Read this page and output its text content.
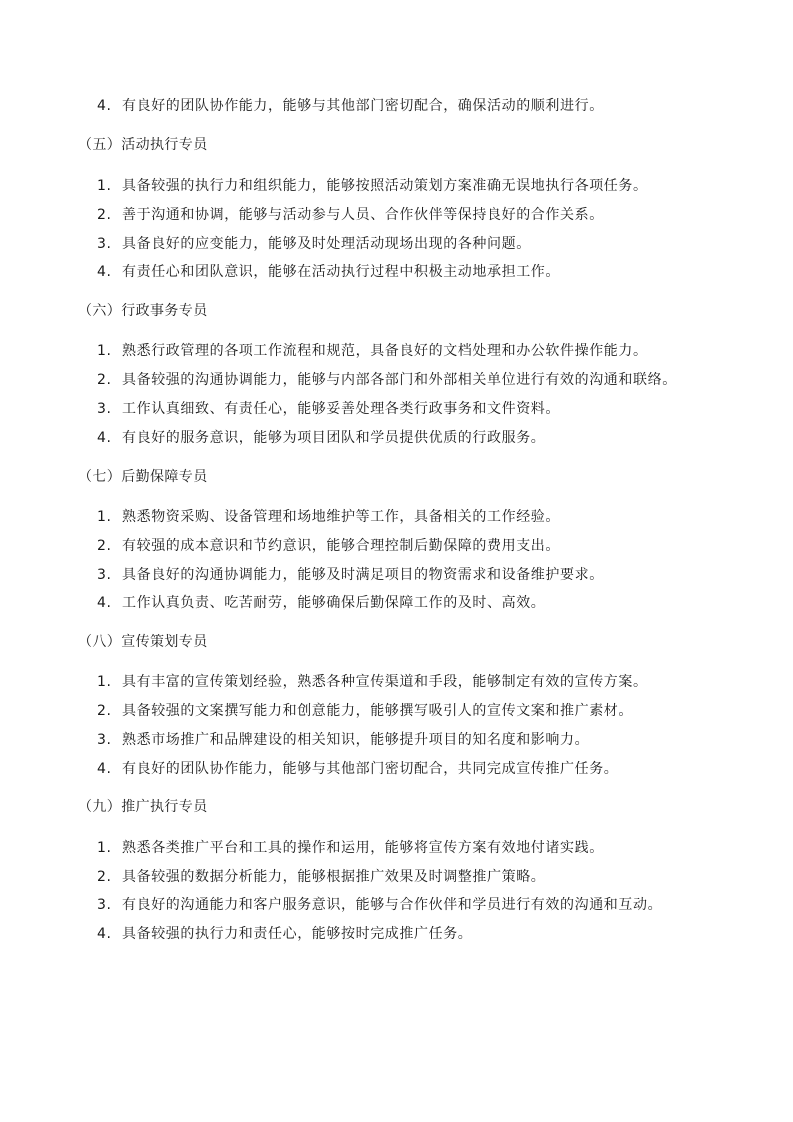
4. 有良好的团队协作能力，能够与其他部门密切配合，确保活动的顺利进行。
（五）活动执行专员
1. 具备较强的执行力和组织能力，能够按照活动策划方案准确无误地执行各项任务。
2. 善于沟通和协调，能够与活动参与人员、合作伙伴等保持良好的合作关系。
3. 具备良好的应变能力，能够及时处理活动现场出现的各种问题。
4. 有责任心和团队意识，能够在活动执行过程中积极主动地承担工作。
（六）行政事务专员
1. 熟悉行政管理的各项工作流程和规范，具备良好的文档处理和办公软件操作能力。
2. 具备较强的沟通协调能力，能够与内部各部门和外部相关单位进行有效的沟通和联络。
3. 工作认真细致、有责任心，能够妥善处理各类行政事务和文件资料。
4. 有良好的服务意识，能够为项目团队和学员提供优质的行政服务。
（七）后勤保障专员
1. 熟悉物资采购、设备管理和场地维护等工作，具备相关的工作经验。
2. 有较强的成本意识和节约意识，能够合理控制后勤保障的费用支出。
3. 具备良好的沟通协调能力，能够及时满足项目的物资需求和设备维护要求。
4. 工作认真负责、吃苦耐劳，能够确保后勤保障工作的及时、高效。
（八）宣传策划专员
1. 具有丰富的宣传策划经验，熟悉各种宣传渠道和手段，能够制定有效的宣传方案。
2. 具备较强的文案撰写能力和创意能力，能够撰写吸引人的宣传文案和推广素材。
3. 熟悉市场推广和品牌建设的相关知识，能够提升项目的知名度和影响力。
4. 有良好的团队协作能力，能够与其他部门密切配合，共同完成宣传推广任务。
（九）推广执行专员
1. 熟悉各类推广平台和工具的操作和运用，能够将宣传方案有效地付诸实践。
2. 具备较强的数据分析能力，能够根据推广效果及时调整推广策略。
3. 有良好的沟通能力和客户服务意识，能够与合作伙伴和学员进行有效的沟通和互动。
4. 具备较强的执行力和责任心，能够按时完成推广任务。
